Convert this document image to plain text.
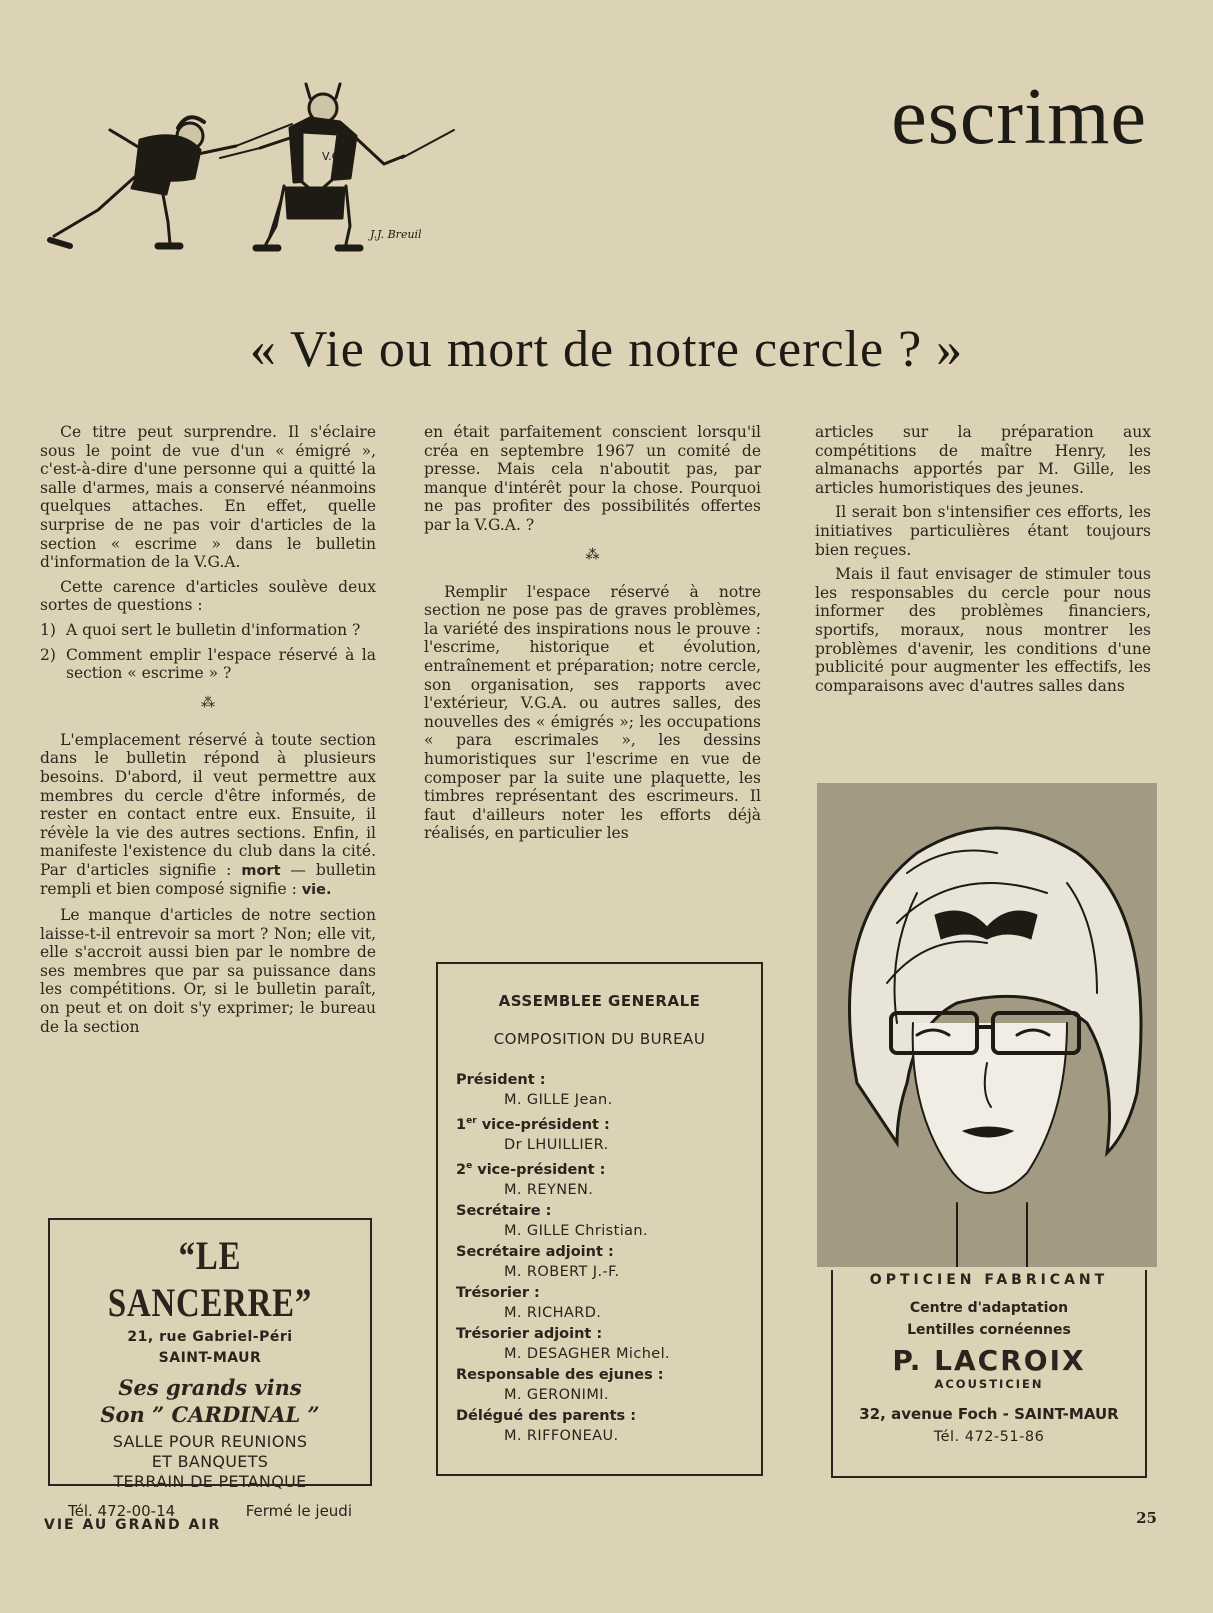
V.G.A
J.J. Breuil
escrime
« Vie ou mort de notre cercle ? »

Ce titre peut surprendre. Il s'éclaire sous le point de vue d'un « émigré », c'est-à-dire d'une personne qui a quitté la salle d'armes, mais a conservé néanmoins quelques attaches. En effet, quelle surprise de ne pas voir d'articles de la section « escrime » dans le bulletin d'information de la V.G.A.

Cette carence d'articles soulève deux sortes de questions :

1) A quoi sert le bulletin d'information ?
2) Comment emplir l'espace réservé à la section « escrime » ?
⁂

L'emplacement réservé à toute section dans le bulletin répond à plusieurs besoins. D'abord, il veut permettre aux membres du cercle d'être informés, de rester en contact entre eux. Ensuite, il révèle la vie des autres sections. Enfin, il manifeste l'existence du club dans la cité. Par d'articles signifie : mort — bulletin rempli et bien composé signifie : vie.

Le manque d'articles de notre section laisse-t-il entrevoir sa mort ? Non; elle vit, elle s'accroit aussi bien par le nombre de ses membres que par sa puissance dans les compétitions. Or, si le bulletin paraît, on peut et on doit s'y exprimer; le bureau de la section

en était parfaitement conscient lorsqu'il créa en septembre 1967 un comité de presse. Mais cela n'aboutit pas, par manque d'intérêt pour la chose. Pourquoi ne pas profiter des possibilités offertes par la V.G.A. ?

⁂

Remplir l'espace réservé à notre section ne pose pas de graves problèmes, la variété des inspirations nous le prouve : l'escrime, historique et évolution, entraînement et préparation; notre cercle, son organisation, ses rapports avec l'extérieur, V.G.A. ou autres salles, des nouvelles des « émigrés »; les occupations « para escrimales », les dessins humoristiques sur l'escrime en vue de composer par la suite une plaquette, les timbres représentant des escrimeurs. Il faut d'ailleurs noter les efforts déjà réalisés, en particulier les

articles sur la préparation aux compétitions de maître Henry, les almanachs apportés par M. Gille, les articles humoristiques des jeunes.

Il serait bon s'intensifier ces efforts, les initiatives particulières étant toujours bien reçues.

Mais il faut envisager de stimuler tous les responsables du cercle pour nous informer des problèmes financiers, sportifs, moraux, nous montrer les problèmes d'avenir, les conditions d'une publicité pour augmenter les effectifs, les comparaisons avec d'autres salles dans

“LE SANCERRE”
21, rue Gabriel-Péri
SAINT-MAUR
Ses grands vins
Son ” CARDINAL ”
SALLE POUR REUNIONS
ET BANQUETS
TERRAIN DE PETANQUE
Tél. 472-00-14	Fermé le jeudi
ASSEMBLEE GENERALE
COMPOSITION DU BUREAU
Président :
M. GILLE Jean.
1er vice-président :
Dr LHUILLIER.
2e vice-président :
M. REYNEN.
Secrétaire :
M. GILLE Christian.
Secrétaire adjoint :
M. ROBERT J.-F.
Trésorier :
M. RICHARD.
Trésorier adjoint :
M. DESAGHER Michel.
Responsable des ejunes :
M. GERONIMI.
Délégué des parents :
M. RIFFONEAU.
OPTICIEN FABRICANT
Centre d'adaptation
Lentilles cornéennes
P. LACROIX
ACOUSTICIEN
32, avenue Foch - SAINT-MAUR
Tél. 472-51-86
VIE AU GRAND AIR	25
